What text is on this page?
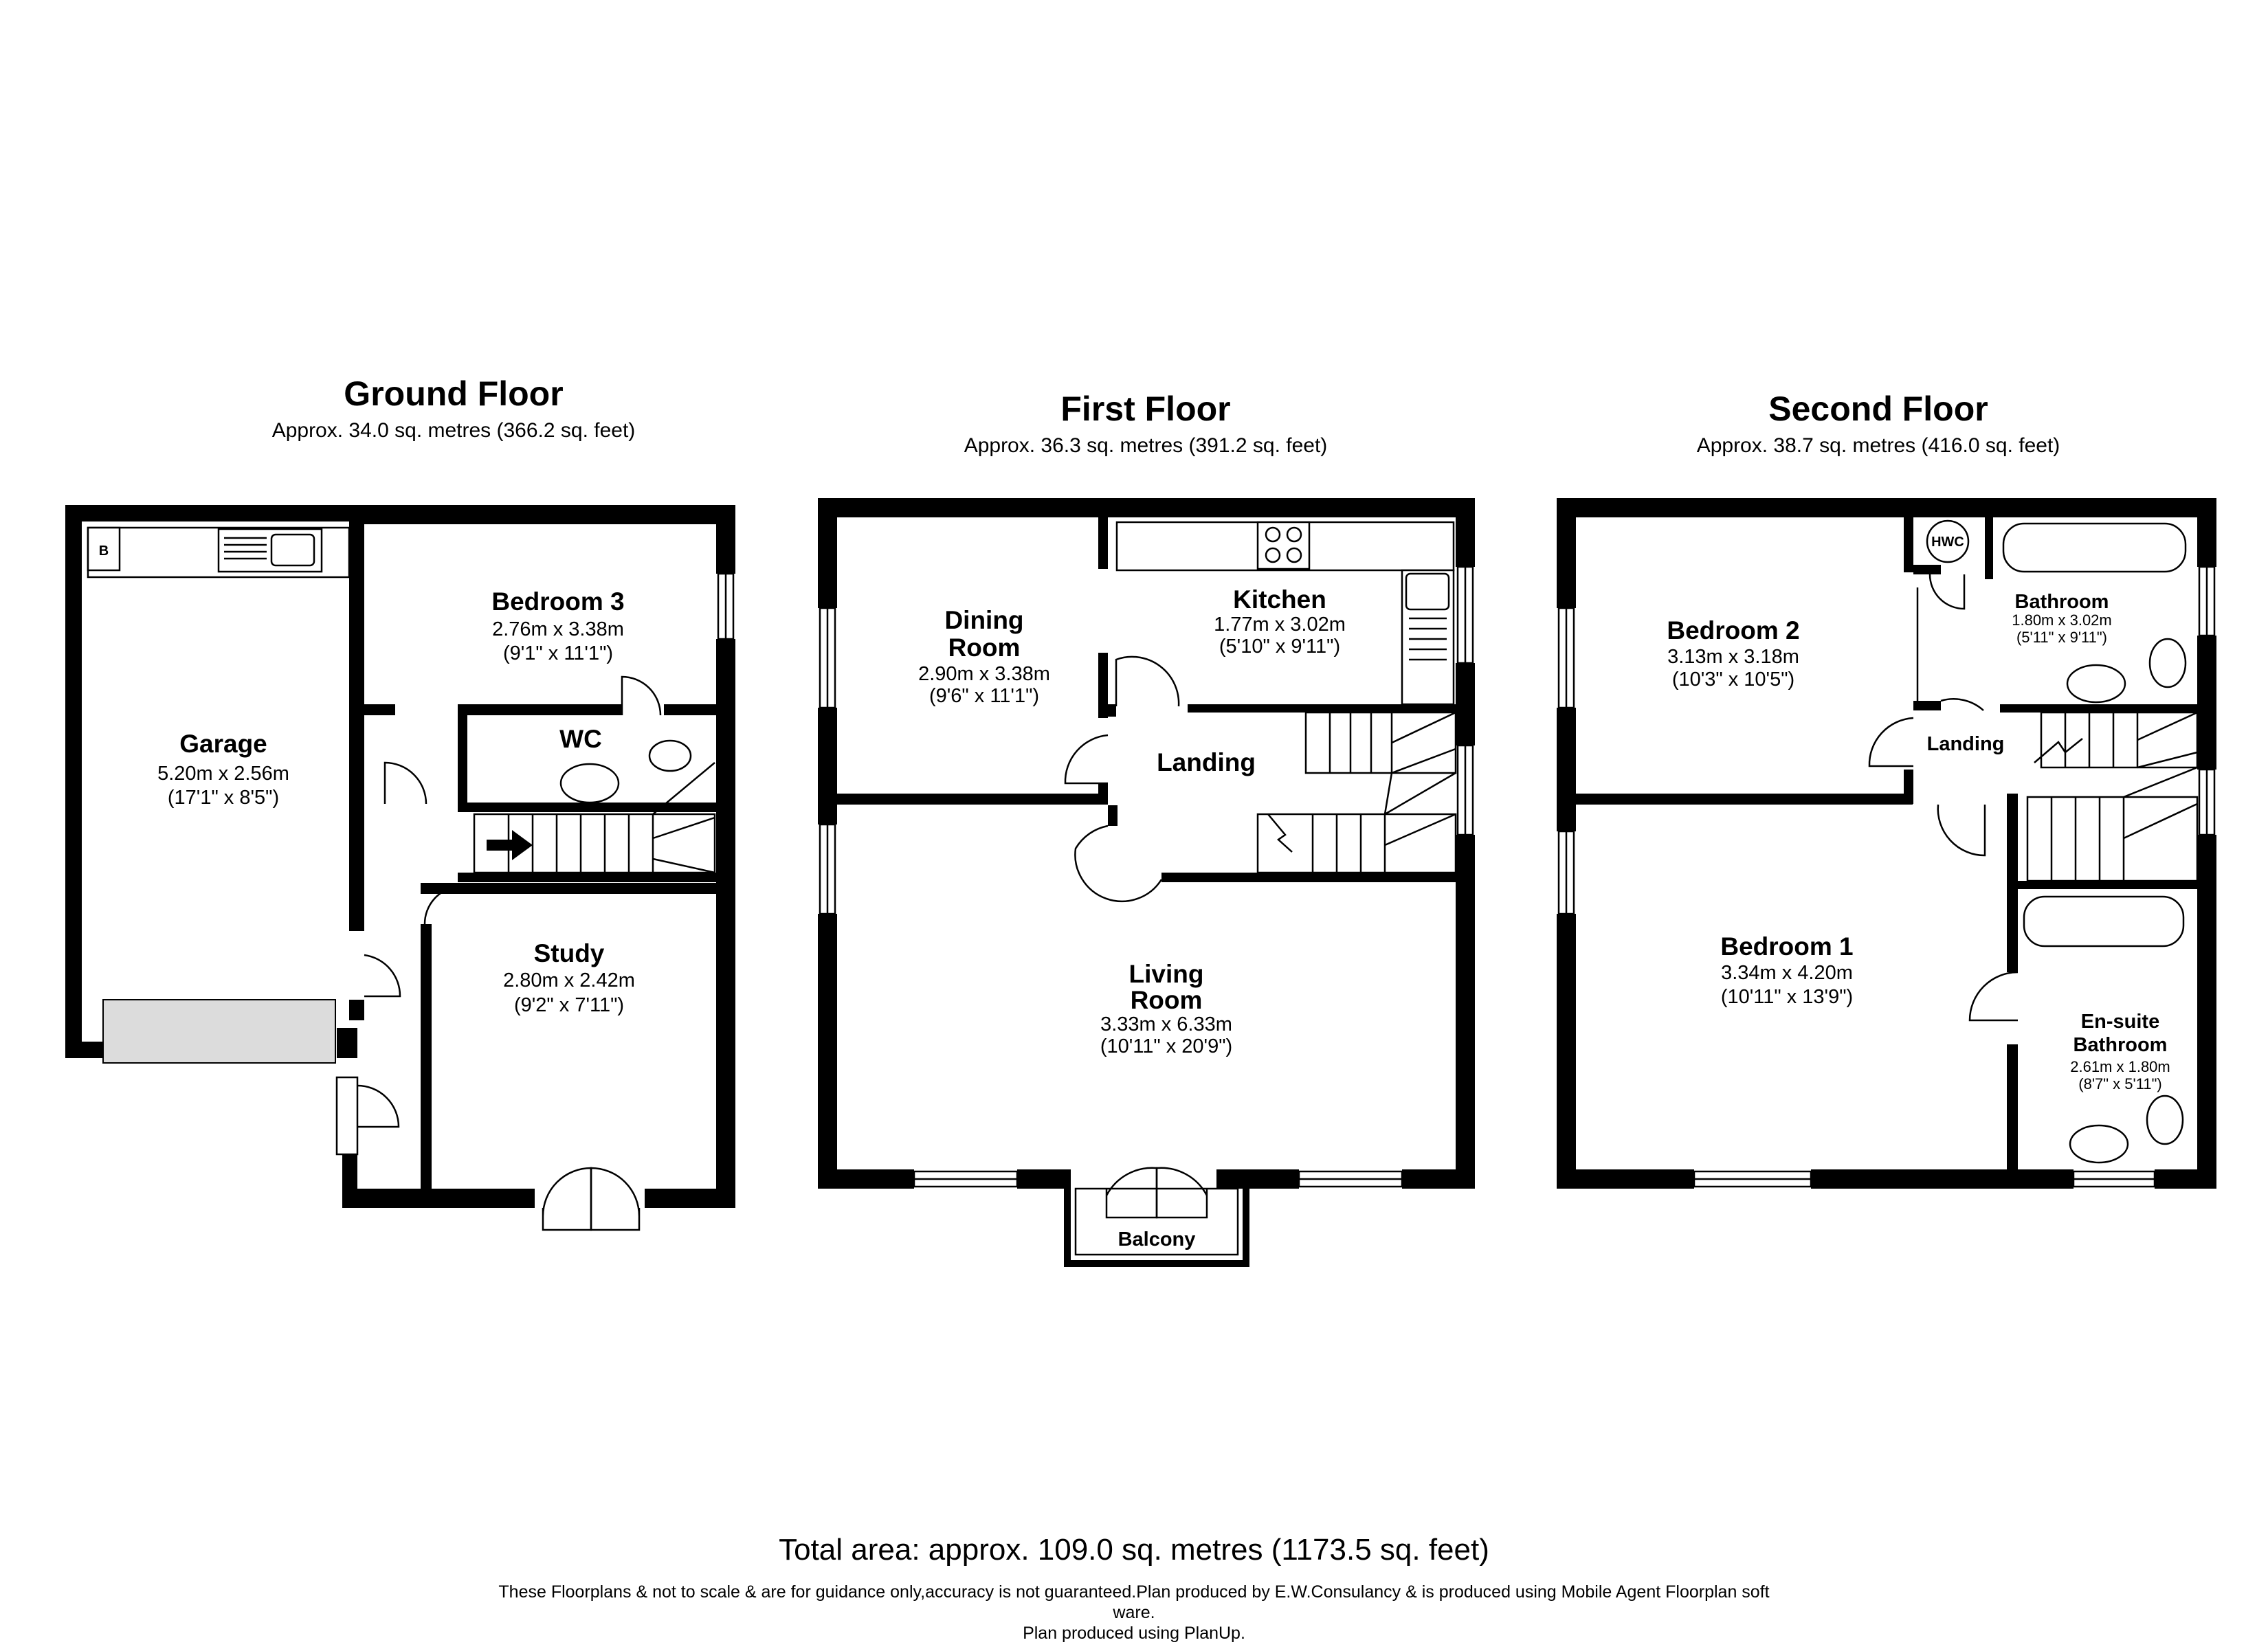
Ground Floor
Approx. 34.0 sq. metres (366.2 sq. feet)
B
Garage
5.20m x 2.56m
(17'1" x 8'5")
Bedroom 3
2.76m x 3.38m
(9'1" x 11'1")
WC
Study
2.80m x 2.42m
(9'2" x 7'11")
First Floor
Approx. 36.3 sq. metres (391.2 sq. feet)
Dining
Room
2.90m x 3.38m
(9'6" x 11'1")
Kitchen
1.77m x 3.02m
(5'10" x 9'11")
Landing
Living
Room
3.33m x 6.33m
(10'11" x 20'9")
Balcony
Second Floor
Approx. 38.7 sq. metres (416.0 sq. feet)
HWC
Bedroom 2
3.13m x 3.18m
(10'3" x 10'5")
Bathroom
1.80m x 3.02m
(5'11" x 9'11")
Landing
Bedroom 1
3.34m x 4.20m
(10'11" x 13'9")
En-suite
Bathroom
2.61m x 1.80m
(8'7" x 5'11")
Total area: approx. 109.0 sq. metres (1173.5 sq. feet)
These Floorplans & not to scale & are for guidance only,accuracy is not guaranteed.Plan produced by E.W.Consulancy & is produced using Mobile Agent Floorplan soft
ware.
Plan produced using PlanUp.
